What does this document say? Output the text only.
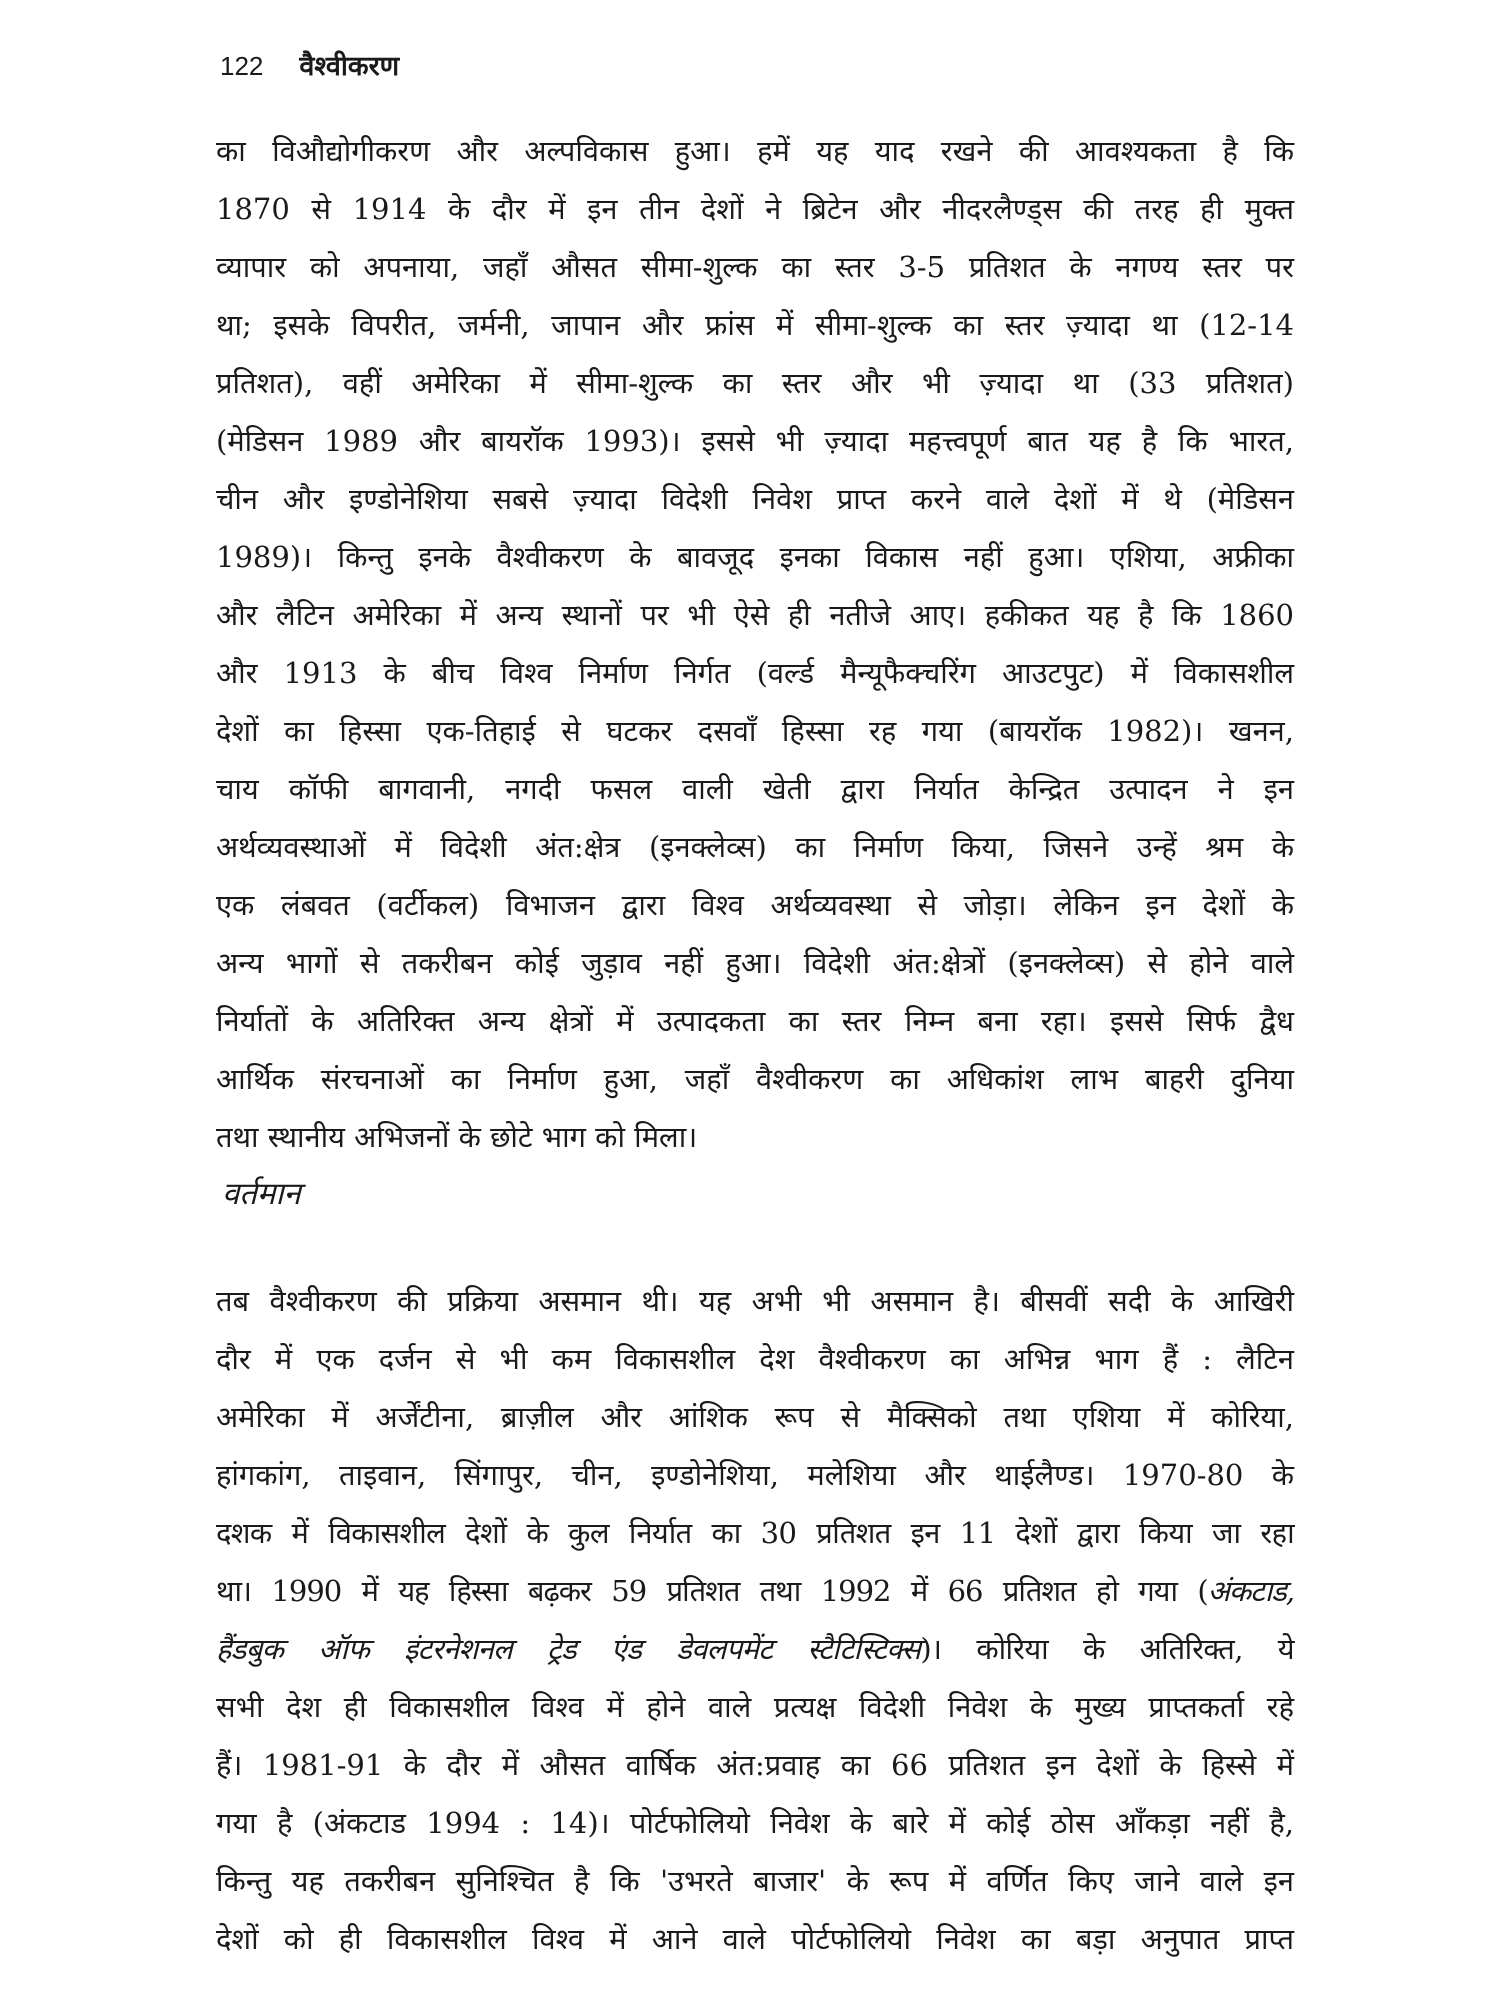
122 वैश्वीकरण
का विऔद्योगीकरण और अल्पविकास हुआ। हमें यह याद रखने की आवश्यकता है कि
1870 से 1914 के दौर में इन तीन देशों ने ब्रिटेन और नीदरलैण्ड्स की तरह ही मुक्त
व्यापार को अपनाया, जहाँ औसत सीमा-शुल्क का स्तर 3-5 प्रतिशत के नगण्य स्तर पर
था; इसके विपरीत, जर्मनी, जापान और फ्रांस में सीमा-शुल्क का स्तर ज़्यादा था (12-14
प्रतिशत), वहीं अमेरिका में सीमा-शुल्क का स्तर और भी ज़्यादा था (33 प्रतिशत)
(मेडिसन 1989 और बायरॉक 1993)। इससे भी ज़्यादा महत्त्वपूर्ण बात यह है कि भारत,
चीन और इण्डोनेशिया सबसे ज़्यादा विदेशी निवेश प्राप्त करने वाले देशों में थे (मेडिसन
1989)। किन्तु इनके वैश्वीकरण के बावजूद इनका विकास नहीं हुआ। एशिया, अफ्रीका
और लैटिन अमेरिका में अन्य स्थानों पर भी ऐसे ही नतीजे आए। हकीकत यह है कि 1860
और 1913 के बीच विश्व निर्माण निर्गत (वर्ल्ड मैन्यूफैक्चरिंग आउटपुट) में विकासशील
देशों का हिस्सा एक-तिहाई से घटकर दसवाँ हिस्सा रह गया (बायरॉक 1982)। खनन,
चाय कॉफी बागवानी, नगदी फसल वाली खेती द्वारा निर्यात केन्द्रित उत्पादन ने इन
अर्थव्यवस्थाओं में विदेशी अंत:क्षेत्र (इनक्लेव्स) का निर्माण किया, जिसने उन्हें श्रम के
एक लंबवत (वर्टीकल) विभाजन द्वारा विश्व अर्थव्यवस्था से जोड़ा। लेकिन इन देशों के
अन्य भागों से तकरीबन कोई जुड़ाव नहीं हुआ। विदेशी अंत:क्षेत्रों (इनक्लेव्स) से होने वाले
निर्यातों के अतिरिक्त अन्य क्षेत्रों में उत्पादकता का स्तर निम्न बना रहा। इससे सिर्फ द्वैध
आर्थिक संरचनाओं का निर्माण हुआ, जहाँ वैश्वीकरण का अधिकांश लाभ बाहरी दुनिया
तथा स्थानीय अभिजनों के छोटे भाग को मिला।
वर्तमान
तब वैश्वीकरण की प्रक्रिया असमान थी। यह अभी भी असमान है। बीसवीं सदी के आखिरी
दौर में एक दर्जन से भी कम विकासशील देश वैश्वीकरण का अभिन्न भाग हैं : लैटिन
अमेरिका में अर्जेंटीना, ब्राज़ील और आंशिक रूप से मैक्सिको तथा एशिया में कोरिया,
हांगकांग, ताइवान, सिंगापुर, चीन, इण्डोनेशिया, मलेशिया और थाईलैण्ड। 1970-80 के
दशक में विकासशील देशों के कुल निर्यात का 30 प्रतिशत इन 11 देशों द्वारा किया जा रहा
था। 1990 में यह हिस्सा बढ़कर 59 प्रतिशत तथा 1992 में 66 प्रतिशत हो गया (अंकटाड,
हैंडबुक ऑफ इंटरनेशनल ट्रेड एंड डेवलपमेंट स्टैटिस्टिक्स)। कोरिया के अतिरिक्त, ये
सभी देश ही विकासशील विश्व में होने वाले प्रत्यक्ष विदेशी निवेश के मुख्य प्राप्तकर्ता रहे
हैं। 1981-91 के दौर में औसत वार्षिक अंत:प्रवाह का 66 प्रतिशत इन देशों के हिस्से में
गया है (अंकटाड 1994 : 14)। पोर्टफोलियो निवेश के बारे में कोई ठोस आँकड़ा नहीं है,
किन्तु यह तकरीबन सुनिश्चित है कि 'उभरते बाजार' के रूप में वर्णित किए जाने वाले इन
देशों को ही विकासशील विश्व में आने वाले पोर्टफोलियो निवेश का बड़ा अनुपात प्राप्त
